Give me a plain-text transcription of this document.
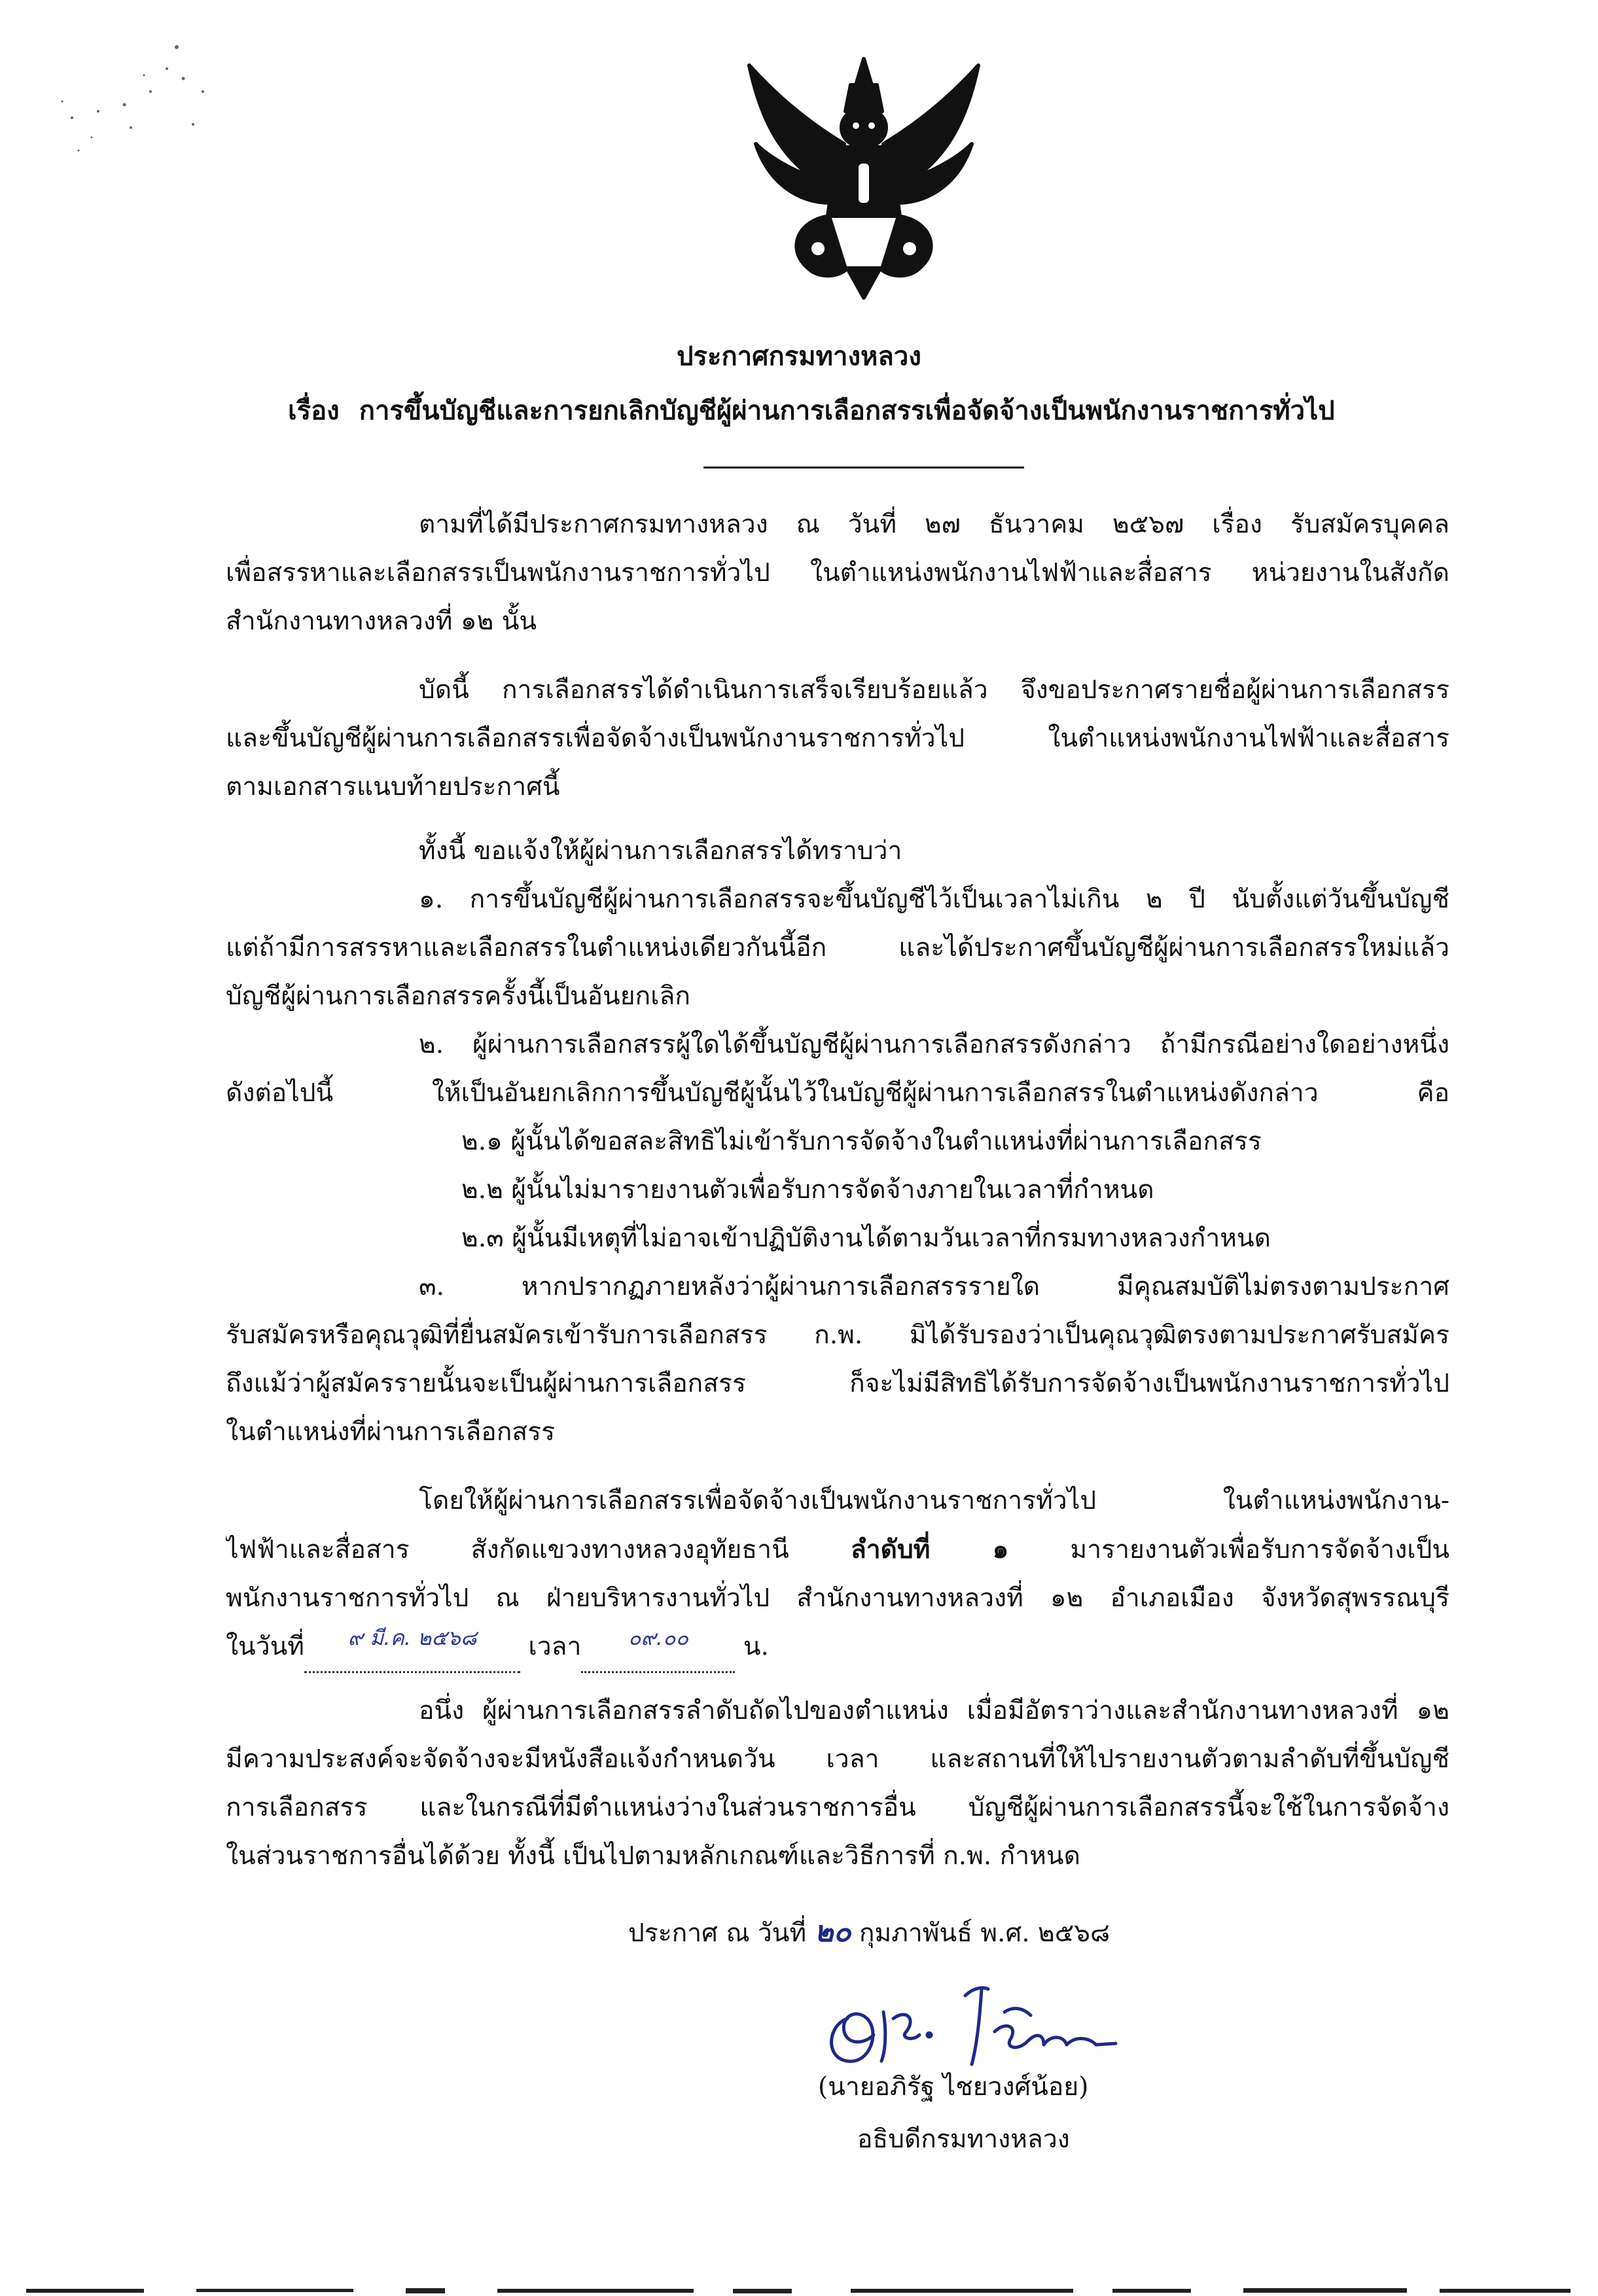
ประกาศกรมทางหลวง
เรื่อง การขึ้นบัญชีและการยกเลิกบัญชีผู้ผ่านการเลือกสรรเพื่อจัดจ้างเป็นพนักงานราชการทั่วไป
ตามที่ได้มีประกาศกรมทางหลวง ณ วันที่ ๒๗ ธันวาคม ๒๕๖๗ เรื่อง รับสมัครบุคคล
เพื่อสรรหาและเลือกสรรเป็นพนักงานราชการทั่วไป ในตำแหน่งพนักงานไฟฟ้าและสื่อสาร หน่วยงานในสังกัด
สำนักงานทางหลวงที่ ๑๒ นั้น
บัดนี้ การเลือกสรรได้ดำเนินการเสร็จเรียบร้อยแล้ว จึงขอประกาศรายชื่อผู้ผ่านการเลือกสรร
และขึ้นบัญชีผู้ผ่านการเลือกสรรเพื่อจัดจ้างเป็นพนักงานราชการทั่วไป ในตำแหน่งพนักงานไฟฟ้าและสื่อสาร
ตามเอกสารแนบท้ายประกาศนี้
ทั้งนี้ ขอแจ้งให้ผู้ผ่านการเลือกสรรได้ทราบว่า
๑. การขึ้นบัญชีผู้ผ่านการเลือกสรรจะขึ้นบัญชีไว้เป็นเวลาไม่เกิน ๒ ปี นับตั้งแต่วันขึ้นบัญชี
แต่ถ้ามีการสรรหาและเลือกสรรในตำแหน่งเดียวกันนี้อีก และได้ประกาศขึ้นบัญชีผู้ผ่านการเลือกสรรใหม่แล้ว
บัญชีผู้ผ่านการเลือกสรรครั้งนี้เป็นอันยกเลิก
๒. ผู้ผ่านการเลือกสรรผู้ใดได้ขึ้นบัญชีผู้ผ่านการเลือกสรรดังกล่าว ถ้ามีกรณีอย่างใดอย่างหนึ่ง
ดังต่อไปนี้ ให้เป็นอันยกเลิกการขึ้นบัญชีผู้นั้นไว้ในบัญชีผู้ผ่านการเลือกสรรในตำแหน่งดังกล่าว คือ
๒.๑ ผู้นั้นได้ขอสละสิทธิไม่เข้ารับการจัดจ้างในตำแหน่งที่ผ่านการเลือกสรร
๒.๒ ผู้นั้นไม่มารายงานตัวเพื่อรับการจัดจ้างภายในเวลาที่กำหนด
๒.๓ ผู้นั้นมีเหตุที่ไม่อาจเข้าปฏิบัติงานได้ตามวันเวลาที่กรมทางหลวงกำหนด
๓. หากปรากฏภายหลังว่าผู้ผ่านการเลือกสรรรายใด มีคุณสมบัติไม่ตรงตามประกาศ
รับสมัครหรือคุณวุฒิที่ยื่นสมัครเข้ารับการเลือกสรร ก.พ. มิได้รับรองว่าเป็นคุณวุฒิตรงตามประกาศรับสมัคร
ถึงแม้ว่าผู้สมัครรายนั้นจะเป็นผู้ผ่านการเลือกสรร ก็จะไม่มีสิทธิได้รับการจัดจ้างเป็นพนักงานราชการทั่วไป
ในตำแหน่งที่ผ่านการเลือกสรร
โดยให้ผู้ผ่านการเลือกสรรเพื่อจัดจ้างเป็นพนักงานราชการทั่วไป ในตำแหน่งพนักงาน-
ไฟฟ้าและสื่อสาร สังกัดแขวงทางหลวงอุทัยธานี ลำดับที่ ๑ มารายงานตัวเพื่อรับการจัดจ้างเป็น
พนักงานราชการทั่วไป ณ ฝ่ายบริหารงานทั่วไป สำนักงานทางหลวงที่ ๑๒ อำเภอเมือง จังหวัดสุพรรณบุรี
ในวันที่	๙ มี.ค. ๒๕๖๘	เวลา	๐๙.๐๐	น.
อนึ่ง ผู้ผ่านการเลือกสรรลำดับถัดไปของตำแหน่ง เมื่อมีอัตราว่างและสำนักงานทางหลวงที่ ๑๒
มีความประสงค์จะจัดจ้างจะมีหนังสือแจ้งกำหนดวัน เวลา และสถานที่ให้ไปรายงานตัวตามลำดับที่ขึ้นบัญชี
การเลือกสรร และในกรณีที่มีตำแหน่งว่างในส่วนราชการอื่น บัญชีผู้ผ่านการเลือกสรรนี้จะใช้ในการจัดจ้าง
ในส่วนราชการอื่นได้ด้วย ทั้งนี้ เป็นไปตามหลักเกณฑ์และวิธีการที่ ก.พ. กำหนด
ประกาศ ณ วันที่ ๒๐ กุมภาพันธ์ พ.ศ. ๒๕๖๘
(นายอภิรัฐ ไชยวงศ์น้อย)
อธิบดีกรมทางหลวง
